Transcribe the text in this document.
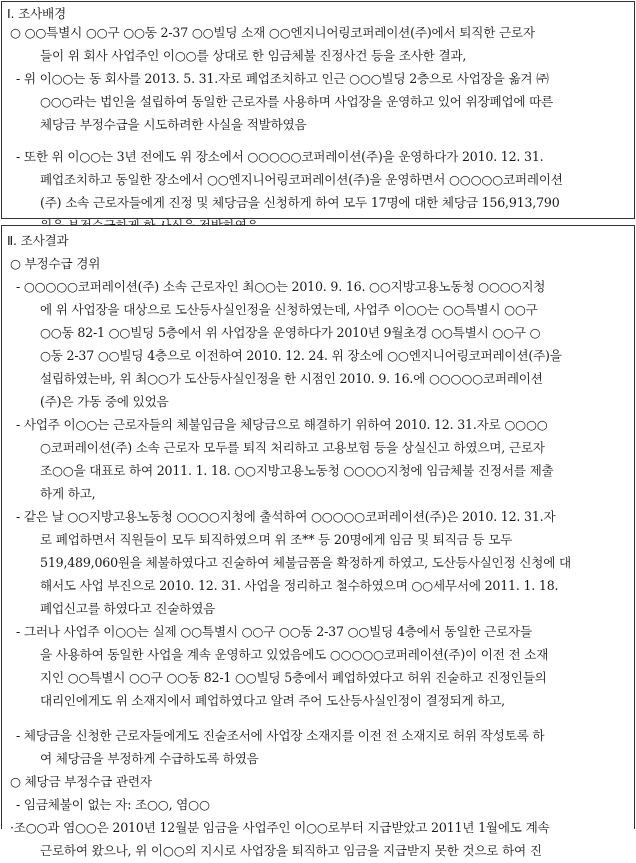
Ⅰ. 조사배경
○ ○○특별시 ○○구 ○○동 2-37 ○○빌딩 소재 ○○엔지니어링코퍼레이션(주)에서 퇴직한 근로자
들이 위 회사 사업주인 이○○를 상대로 한 임금체불 진정사건 등을 조사한 결과,
- 위 이○○는 동 회사를 2013. 5. 31.자로 폐업조치하고 인근 ○○○빌딩 2층으로 사업장을 옮겨 ㈜
○○○라는 법인을 설립하여 동일한 근로자를 사용하며 사업장을 운영하고 있어 위장폐업에 따른
체당금 부정수급을 시도하려한 사실을 적발하였음
- 또한 위 이○○는 3년 전에도 위 장소에서 ○○○○○코퍼레이션(주)을 운영하다가 2010. 12. 31.
폐업조치하고 동일한 장소에서 ○○엔지니어링코퍼레이션(주)을 운영하면서 ○○○○○코퍼레이션
(주) 소속 근로자들에게 진정 및 체당금을 신청하게 하여 모두 17명에 대한 체당금 156,913,790
Ⅱ. 조사결과
○ 부정수급 경위
- ○○○○○코퍼레이션(주) 소속 근로자인 최○○는 2010. 9. 16. ○○지방고용노동청 ○○○○지청
에 위 사업장을 대상으로 도산등사실인정을 신청하였는데, 사업주 이○○는 ○○특별시 ○○구
○○동 82-1 ○○빌딩 5층에서 위 사업장을 운영하다가 2010년 9월초경 ○○특별시 ○○구 ○
○동 2-37 ○○빌딩 4층으로 이전하여 2010. 12. 24. 위 장소에 ○○엔지니어링코퍼레이션(주)을
설립하였는바, 위 최○○가 도산등사실인정을 한 시점인 2010. 9. 16.에 ○○○○○코퍼레이션
(주)은 가동 중에 있었음
- 사업주 이○○는 근로자들의 체불임금을 체당금으로 해결하기 위하여 2010. 12. 31.자로 ○○○○
○코퍼레이션(주) 소속 근로자 모두를 퇴직 처리하고 고용보험 등을 상실신고 하였으며, 근로자
조○○을 대표로 하여 2011. 1. 18. ○○지방고용노동청 ○○○○지청에 임금체불 진정서를 제출
하게 하고,
- 같은 날 ○○지방고용노동청 ○○○○지청에 출석하여 ○○○○○코퍼레이션(주)은 2010. 12. 31.자
로 폐업하면서 직원들이 모두 퇴직하였으며 위 조** 등 20명에게 임금 및 퇴직금 등 모두
519,489,060원을 체불하였다고 진술하여 체불금품을 확정하게 하였고, 도산등사실인정 신청에 대
해서도 사업 부진으로 2010. 12. 31. 사업을 정리하고 철수하였으며 ○○세무서에 2011. 1. 18.
폐업신고를 하였다고 진술하였음
- 그러나 사업주 이○○는 실제 ○○특별시 ○○구 ○○동 2-37 ○○빌딩 4층에서 동일한 근로자들
을 사용하여 동일한 사업을 계속 운영하고 있었음에도 ○○○○○코퍼레이션(주)이 이전 전 소재
지인 ○○특별시 ○○구 ○○동 82-1 ○○빌딩 5층에서 폐업하였다고 허위 진술하고 진정인들의
대리인에게도 위 소재지에서 폐업하였다고 알려 주어 도산등사실인정이 결정되게 하고,
- 체당금을 신청한 근로자들에게도 진술조서에 사업장 소재지를 이전 전 소재지로 허위 작성토록 하
여 체당금을 부정하게 수급하도록 하였음
○ 체당금 부정수급 관련자
- 임금체불이 없는 자: 조○○, 염○○
·조○○과 염○○은 2010년 12월분 임금을 사업주인 이○○로부터 지급받았고 2011년 1월에도 계속
근로하여 왔으나, 위 이○○의 지시로 사업장을 퇴직하고 임금을 지급받지 못한 것으로 하여 진
